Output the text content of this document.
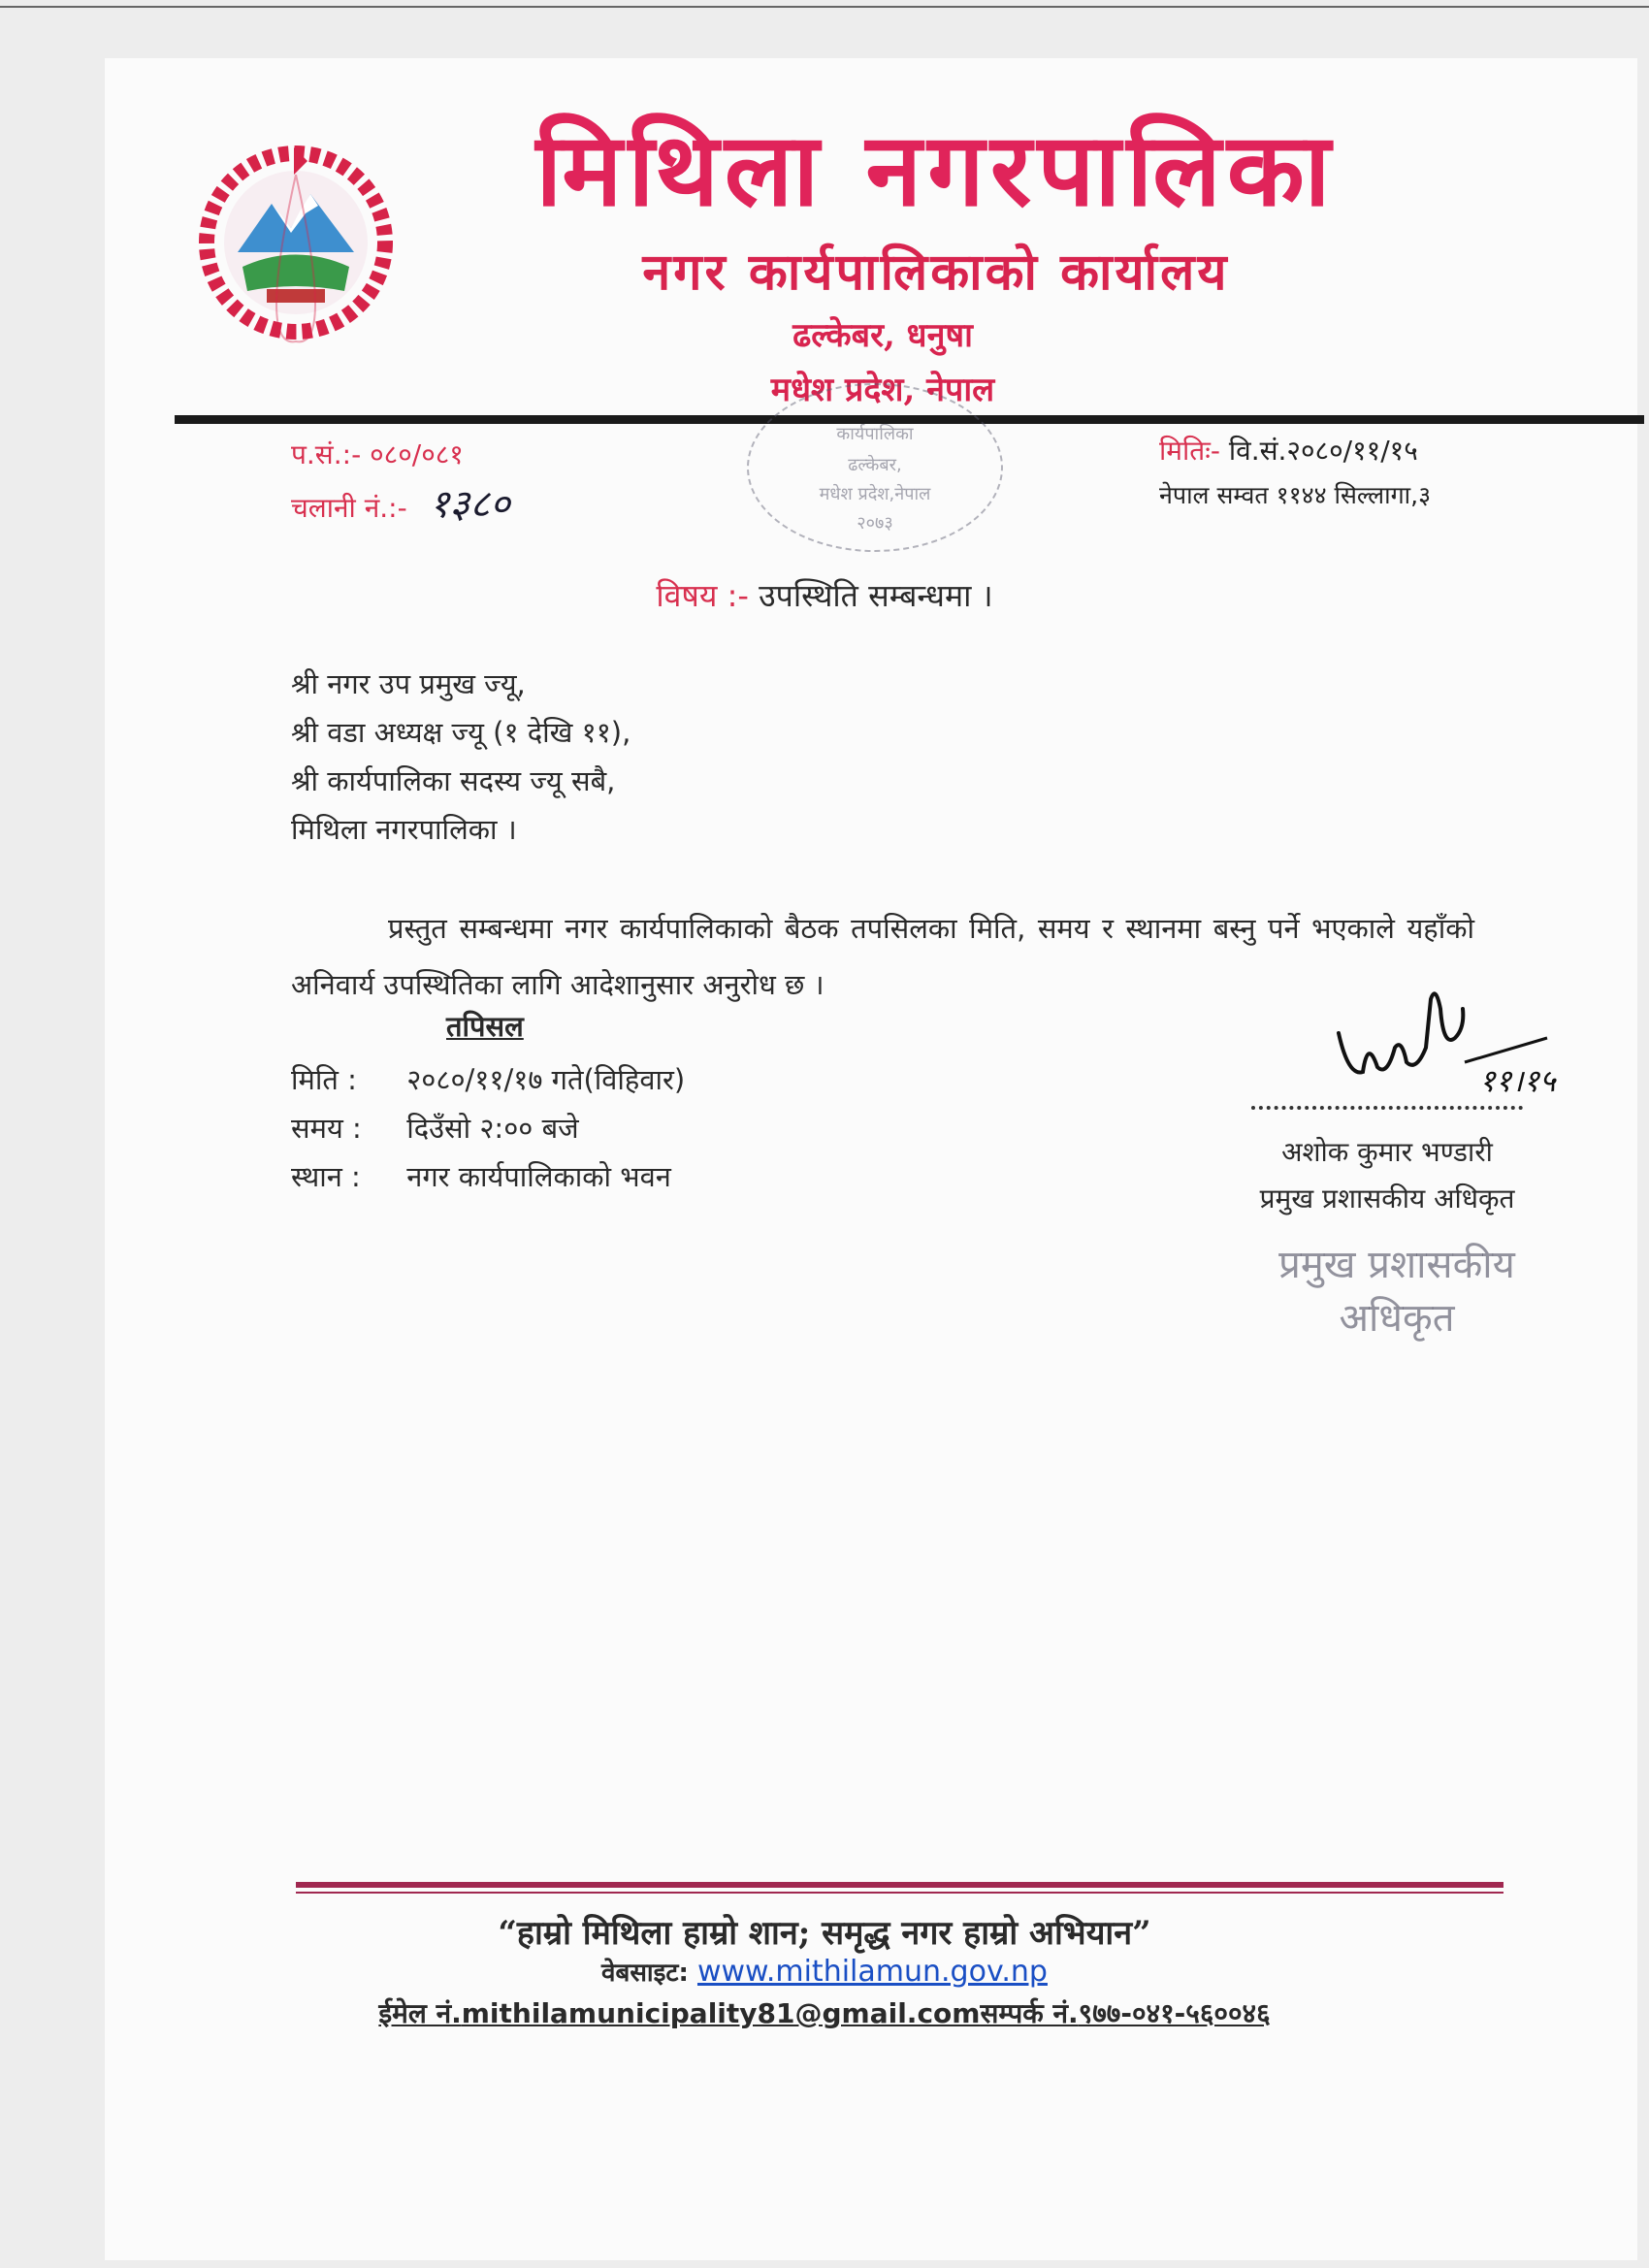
मिथिला नगरपालिका
नगर कार्यपालिकाको कार्यालय
ढल्केबर, धनुषा
मधेश प्रदेश, नेपाल
कार्यपालिका
ढल्केबर,
मधेश प्रदेश,नेपाल
२०७३
प.सं.:- ०८०/०८१
चलानी नं.:- १३८०
मितिः- वि.सं.२०८०/११/१५
नेपाल सम्वत ११४४ सिल्लागा,३
विषय :- उपस्थिति सम्बन्धमा ।
श्री नगर उप प्रमुख ज्यू,
श्री वडा अध्यक्ष ज्यू (१ देखि ११),
श्री कार्यपालिका सदस्य ज्यू सबै,
मिथिला नगरपालिका ।
प्रस्तुत सम्बन्धमा नगर कार्यपालिकाको बैठक तपसिलका मिति, समय र स्थानमा बस्नु पर्ने भएकाले यहाँको अनिवार्य उपस्थितिका लागि आदेशानुसार अनुरोध छ ।
तपिसल
मिति : २०८०/११/१७ गते(विहिवार)
समय : दिउँसो २:०० बजे
स्थान : नगर कार्यपालिकाको भवन
११।१५
अशोक कुमार भण्डारी
प्रमुख प्रशासकीय अधिकृत
प्रमुख प्रशासकीय अधिकृत
“हाम्रो मिथिला हाम्रो शान; समृद्ध नगर हाम्रो अभियान”
वेबसाइट: www.mithilamun.gov.np
ईमेल नं.mithilamunicipality81@gmail.comसम्पर्क नं.९७७-०४१-५६००४६
